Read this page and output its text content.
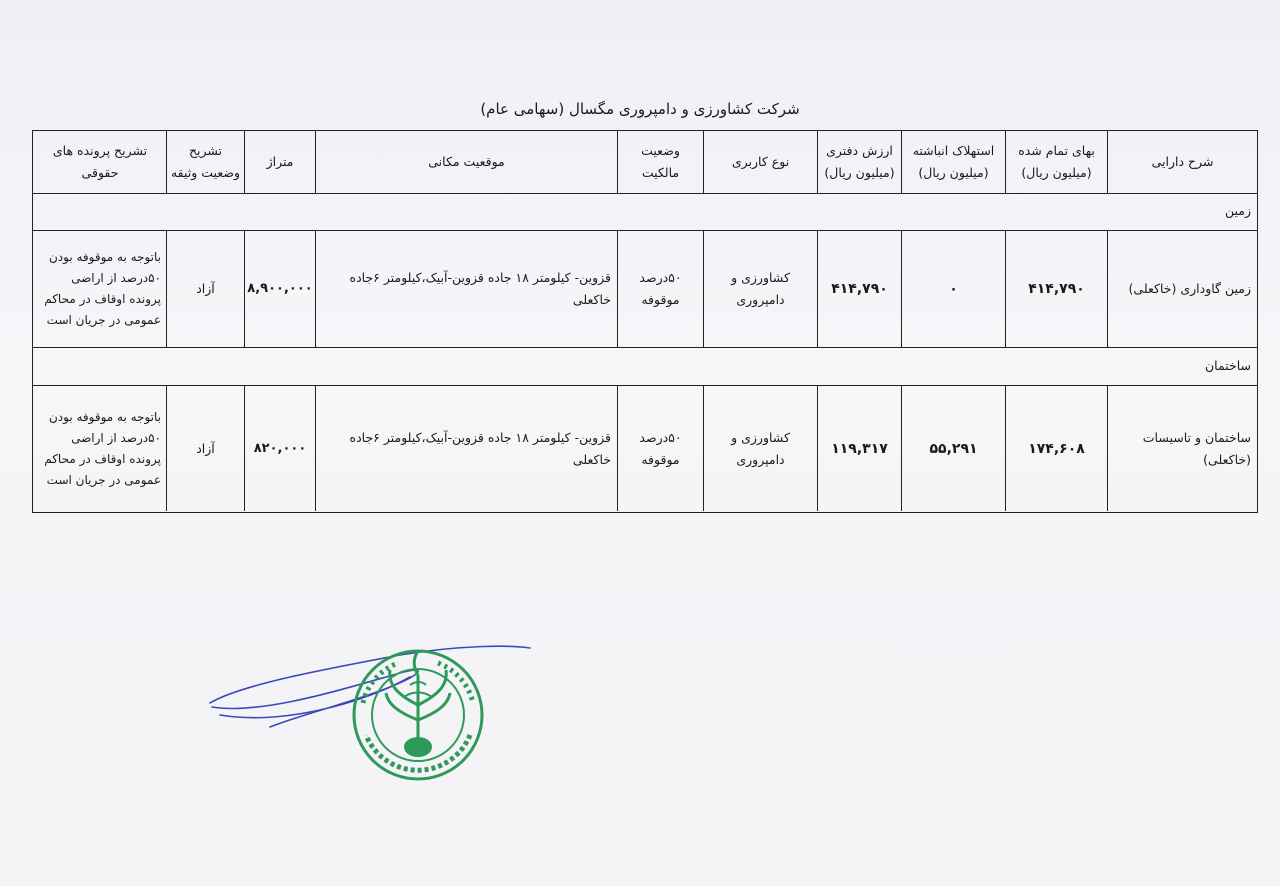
شرکت کشاورزی و دامپروری مگسال (سهامی عام)
شرح دارایی
بهای تمام شده (میلیون ریال)
استهلاک انباشته (میلیون ریال)
ارزش دفتری (میلیون ریال)
نوع کاربری
وضعیت مالکیت
موقعیت مکانی
متراژ
تشریح وضعیت وثیقه
تشریح پرونده های حقوقی
زمین
زمین گاوداری (خاکعلی)
۴۱۴,۷۹۰
۰
۴۱۴,۷۹۰
کشاورزی و دامپروری
۵۰درصد موقوفه
قزوین- کیلومتر ۱۸ جاده قزوین-آبیک،کیلومتر ۶جاده خاکعلی
۸,۹۰۰,۰۰۰
آزاد
باتوجه به موقوفه بودن ۵۰درصد از اراضی پرونده اوقاف در محاکم عمومی در جریان است
ساختمان
ساختمان و تاسیسات (خاکعلی)
۱۷۴,۶۰۸
۵۵,۲۹۱
۱۱۹,۳۱۷
کشاورزی و دامپروری
۵۰درصد موقوفه
قزوین- کیلومتر ۱۸ جاده قزوین-آبیک،کیلومتر ۶جاده خاکعلی
۸۲۰,۰۰۰
آزاد
باتوجه به موقوفه بودن ۵۰درصد از اراضی پرونده اوقاف در محاکم عمومی در جریان است
